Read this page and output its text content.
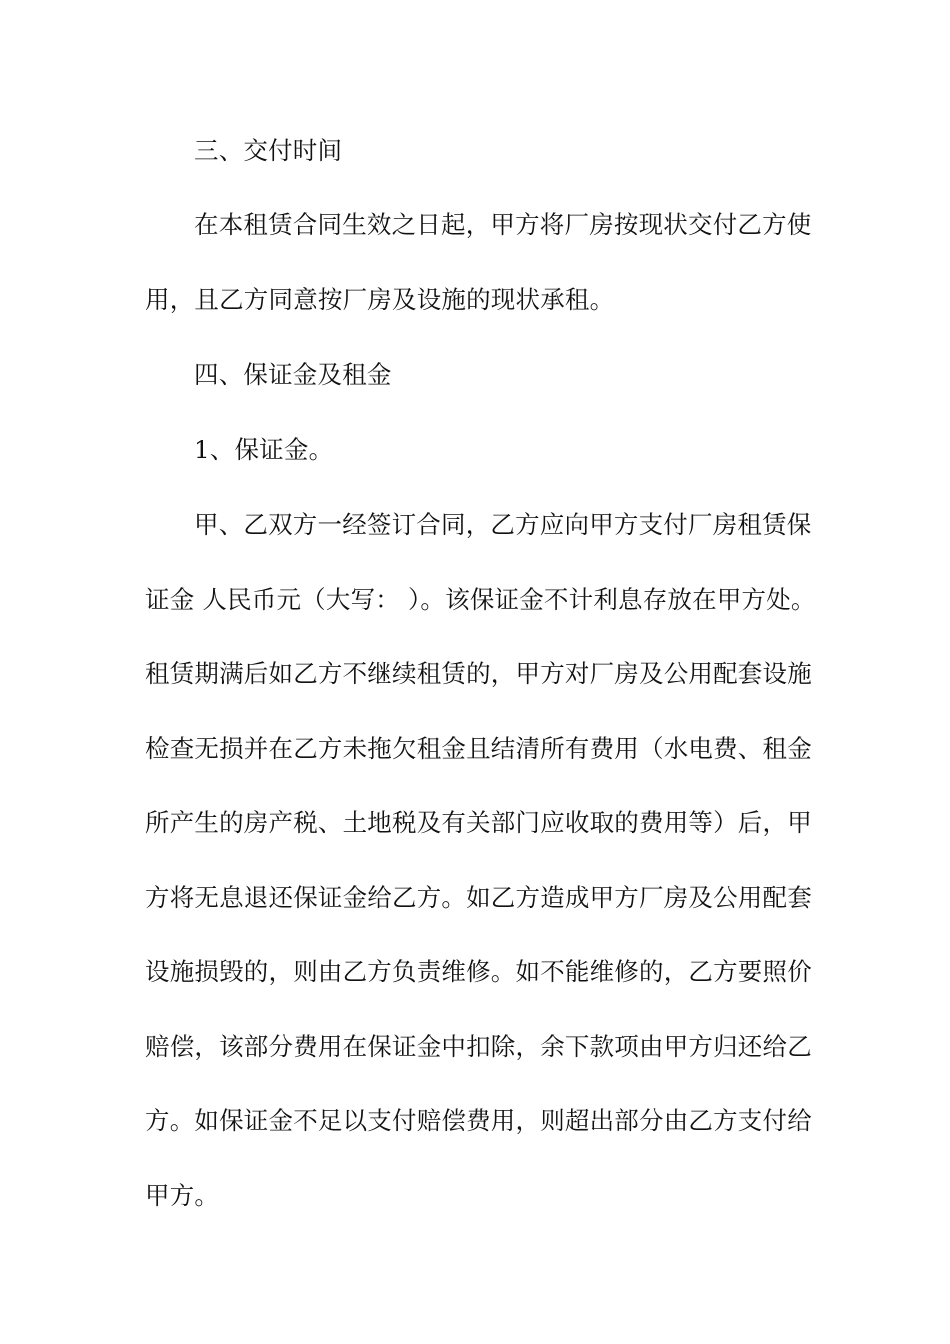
三、交付时间
在本租赁合同生效之日起，甲方将厂房按现状交付乙方使
用，且乙方同意按厂房及设施的现状承租。
四、保证金及租金
1、保证金。
甲、乙双方一经签订合同，乙方应向甲方支付厂房租赁保
证金 人民币元（大写： ）。该保证金不计利息存放在甲方处。
租赁期满后如乙方不继续租赁的，甲方对厂房及公用配套设施
检查无损并在乙方未拖欠租金且结清所有费用（水电费、租金
所产生的房产税、土地税及有关部门应收取的费用等）后，甲
方将无息退还保证金给乙方。如乙方造成甲方厂房及公用配套
设施损毁的，则由乙方负责维修。如不能维修的，乙方要照价
赔偿，该部分费用在保证金中扣除，余下款项由甲方归还给乙
方。如保证金不足以支付赔偿费用，则超出部分由乙方支付给
甲方。
